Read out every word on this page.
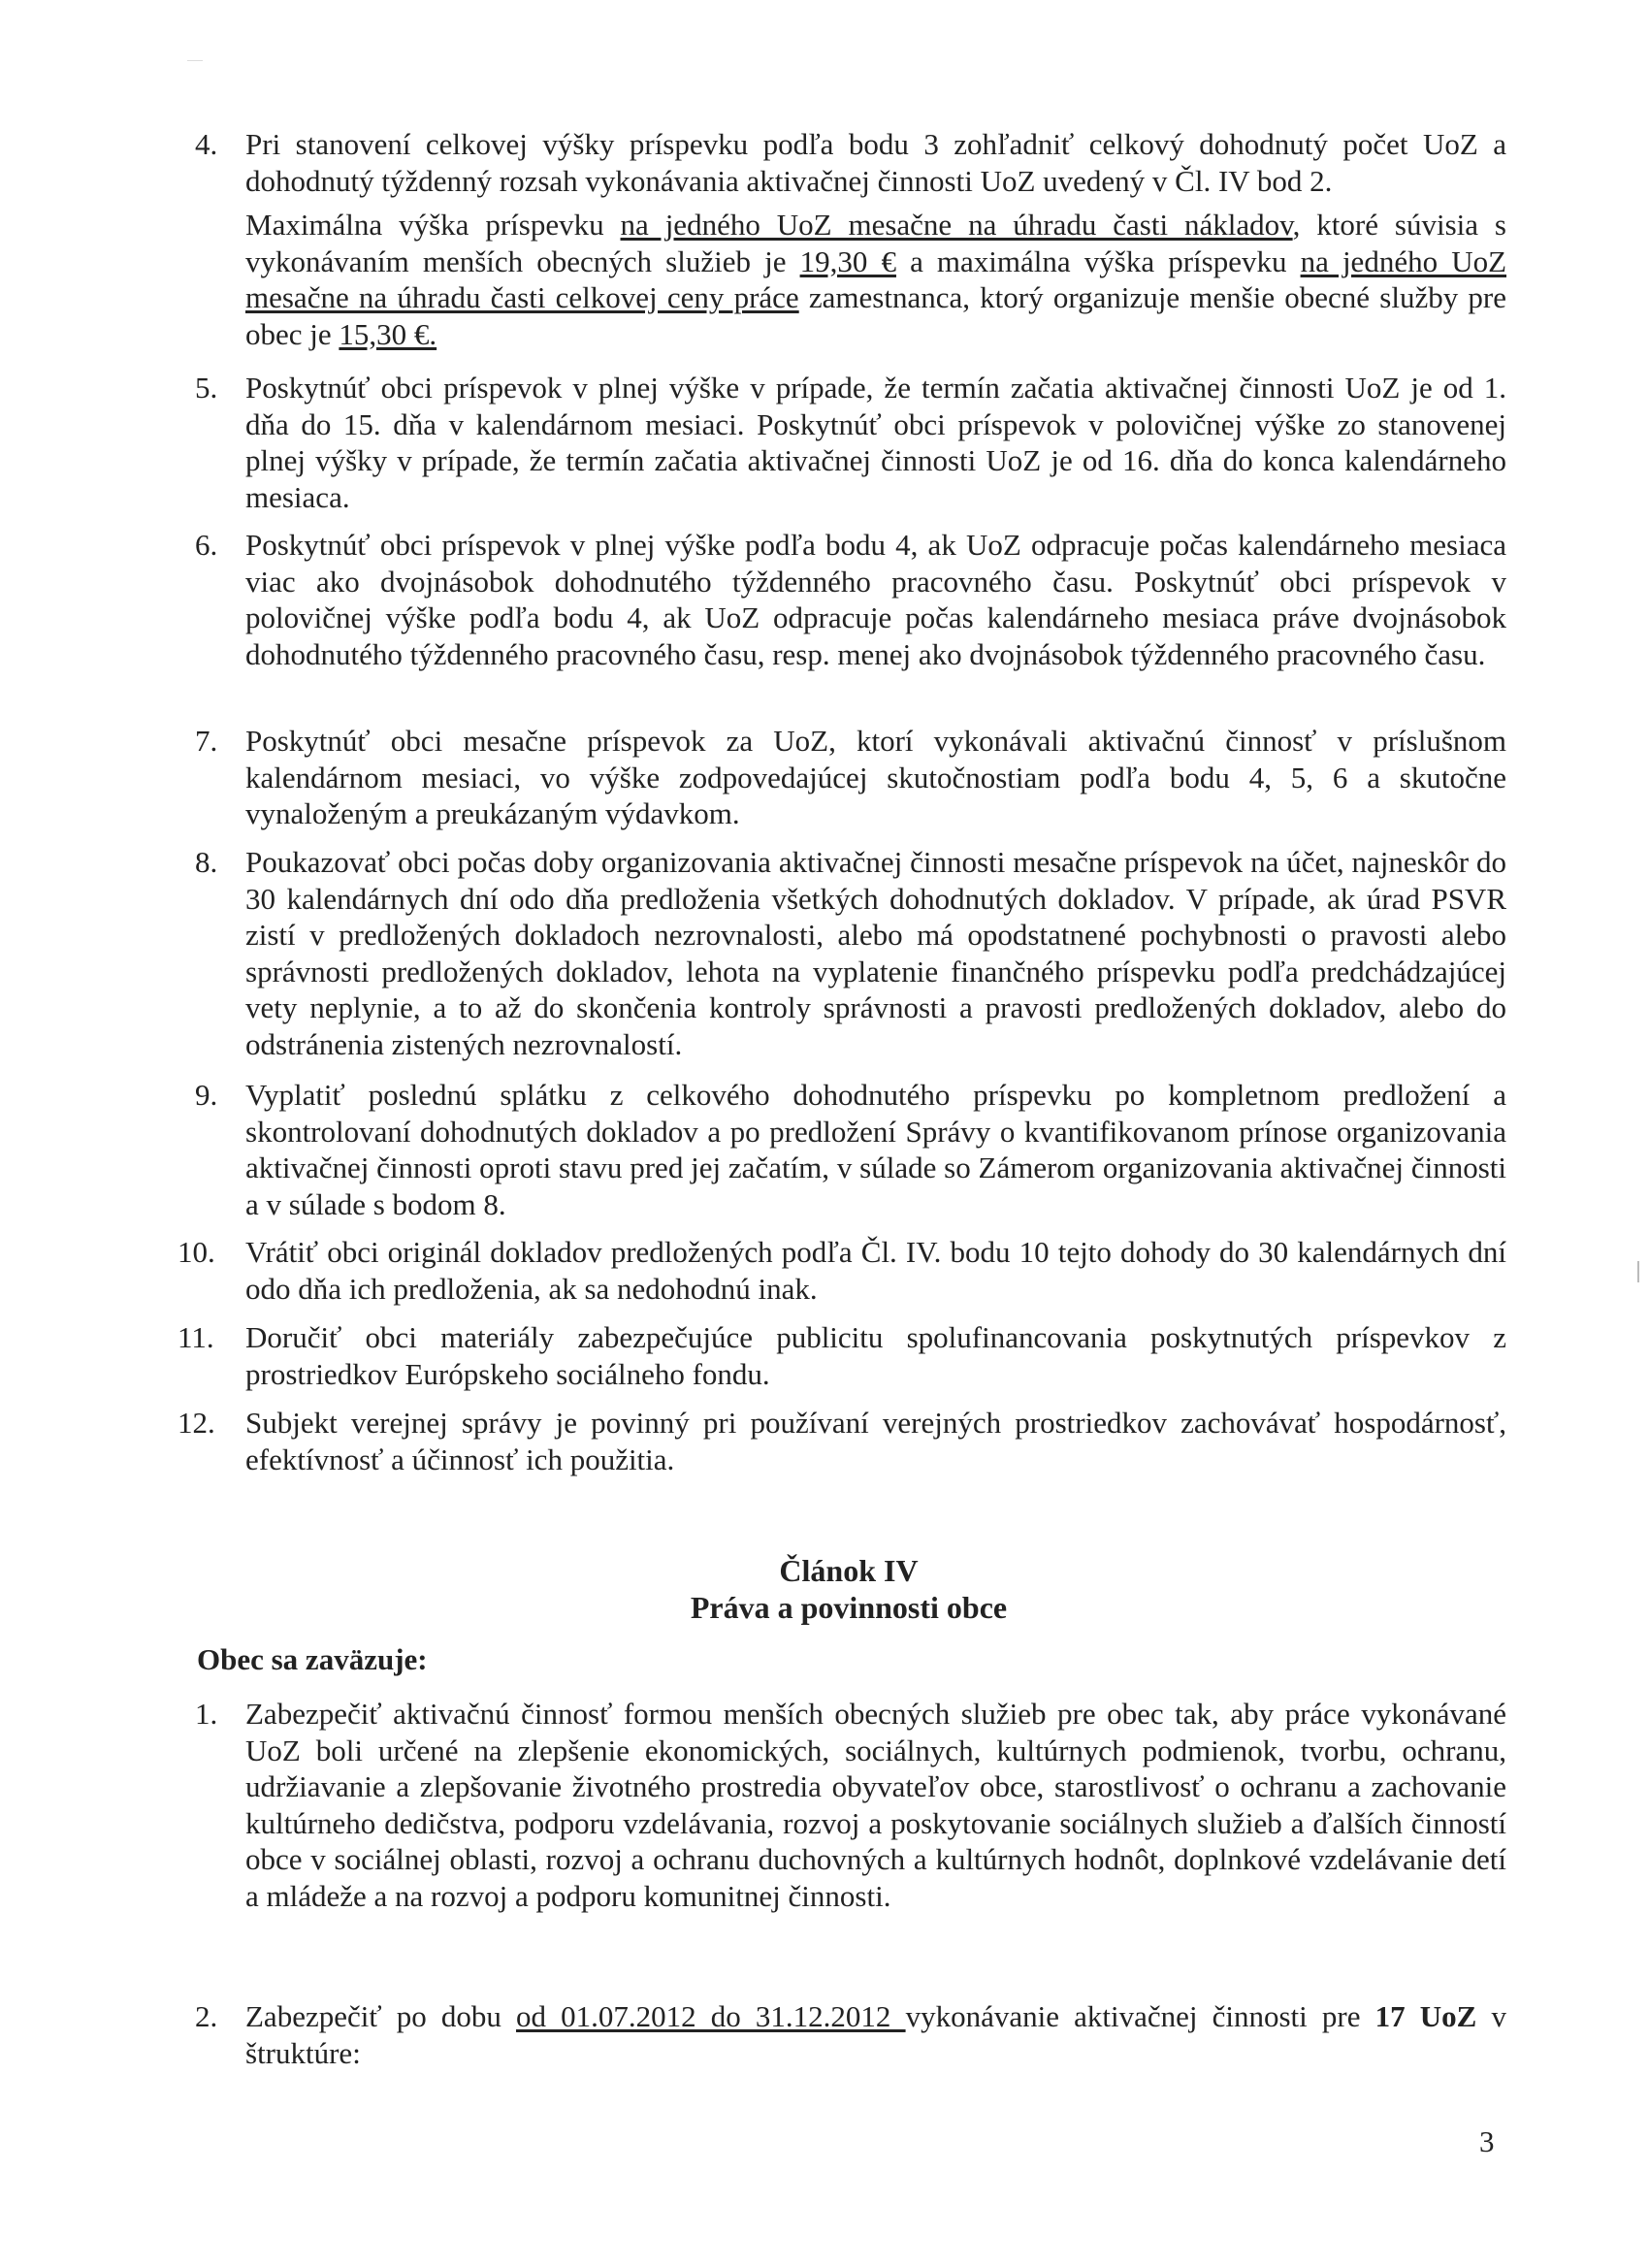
4. Pri stanovení celkovej výšky príspevku podľa bodu 3 zohľadniť celkový dohodnutý počet UoZ a dohodnutý týždenný rozsah vykonávania aktivačnej činnosti UoZ uvedený v Čl. IV bod 2.
Maximálna výška príspevku na jedného UoZ mesačne na úhradu časti nákladov, ktoré súvisia s vykonávaním menších obecných služieb je 19,30 € a maximálna výška príspevku na jedného UoZ mesačne na úhradu časti celkovej ceny práce zamestnanca, ktorý organizuje menšie obecné služby pre obec je 15,30 €.
5. Poskytnúť obci príspevok v plnej výške v prípade, že termín začatia aktivačnej činnosti UoZ je od 1. dňa do 15. dňa v kalendárnom mesiaci. Poskytnúť obci príspevok v polovičnej výške zo stanovenej plnej výšky v prípade, že termín začatia aktivačnej činnosti UoZ je od 16. dňa do konca kalendárneho mesiaca.
6. Poskytnúť obci príspevok v plnej výške podľa bodu 4, ak UoZ odpracuje počas kalendárneho mesiaca viac ako dvojnásobok dohodnutého týždenného pracovného času. Poskytnúť obci príspevok v polovičnej výške podľa bodu 4, ak UoZ odpracuje počas kalendárneho mesiaca práve dvojnásobok dohodnutého týždenného pracovného času, resp. menej ako dvojnásobok týždenného pracovného času.
7. Poskytnúť obci mesačne príspevok za UoZ, ktorí vykonávali aktivačnú činnosť v príslušnom kalendárnom mesiaci, vo výške zodpovedajúcej skutočnostiam podľa bodu 4, 5, 6 a skutočne vynaloženým a preukázaným výdavkom.
8. Poukazovať obci počas doby organizovania aktivačnej činnosti mesačne príspevok na účet, najneskôr do 30 kalendárnych dní odo dňa predloženia všetkých dohodnutých dokladov. V prípade, ak úrad PSVR zistí v predložených dokladoch nezrovnalosti, alebo má opodstatnené pochybnosti o pravosti alebo správnosti predložených dokladov, lehota na vyplatenie finančného príspevku podľa predchádzajúcej vety neplynie, a to až do skončenia kontroly správnosti a pravosti predložených dokladov, alebo do odstránenia zistených nezrovnalostí.
9. Vyplatiť poslednú splátku z celkového dohodnutého príspevku po kompletnom predložení a skontrolovaní dohodnutých dokladov a po predložení Správy o kvantifikovanom prínose organizovania aktivačnej činnosti oproti stavu pred jej začatím, v súlade so Zámerom organizovania aktivačnej činnosti a v súlade s bodom 8.
10. Vrátiť obci originál dokladov predložených podľa Čl. IV. bodu 10 tejto dohody do 30 kalendárnych dní odo dňa ich predloženia, ak sa nedohodnú inak.
11. Doručiť obci materiály zabezpečujúce publicitu spolufinancovania poskytnutých príspevkov z prostriedkov Európskeho sociálneho fondu.
12. Subjekt verejnej správy je povinný pri používaní verejných prostriedkov zachovávať hospodárnosť, efektívnosť a účinnosť ich použitia.
Článok IV
Práva a povinnosti obce
Obec sa zaväzuje:
1. Zabezpečiť aktivačnú činnosť formou menších obecných služieb pre obec tak, aby práce vykonávané UoZ boli určené na zlepšenie ekonomických, sociálnych, kultúrnych podmienok, tvorbu, ochranu, udržiavanie a zlepšovanie životného prostredia obyvateľov obce, starostlivosť o ochranu a zachovanie kultúrneho dedičstva, podporu vzdelávania, rozvoj a poskytovanie sociálnych služieb a ďalších činností obce v sociálnej oblasti, rozvoj a ochranu duchovných a kultúrnych hodnôt, doplnkové vzdelávanie detí a mládeže a na rozvoj a podporu komunitnej činnosti.
2. Zabezpečiť po dobu od 01.07.2012 do 31.12.2012 vykonávanie aktivačnej činnosti pre 17 UoZ v štruktúre:
3
